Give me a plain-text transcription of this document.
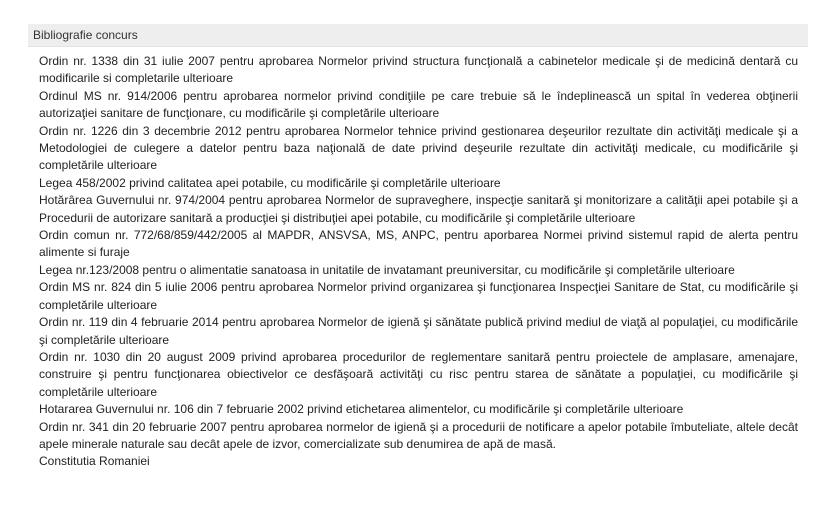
Bibliografie concurs
Ordin nr. 1338 din 31 iulie 2007 pentru aprobarea Normelor privind structura funcţională a cabinetelor medicale şi de medicină dentară cu modificarile si completarile ulterioare
Ordinul MS nr. 914/2006 pentru aprobarea normelor privind condiţiile pe care trebuie să le îndeplinească un spital în vederea obţinerii autorizaţiei sanitare de funcţionare, cu modificările şi completările ulterioare
Ordin nr. 1226 din 3 decembrie 2012 pentru aprobarea Normelor tehnice privind gestionarea deşeurilor rezultate din activităţi medicale şi a Metodologiei de culegere a datelor pentru baza naţională de date privind deşeurile rezultate din activităţi medicale, cu modificările şi completările ulterioare
Legea 458/2002 privind calitatea apei potabile, cu modificările şi completările ulterioare
Hotărârea Guvernului nr. 974/2004 pentru aprobarea Normelor de supraveghere, inspecţie sanitară şi monitorizare a calităţii apei potabile şi a Procedurii de autorizare sanitară a producţiei şi distribuţiei apei potabile, cu modificările şi completările ulterioare
Ordin comun nr. 772/68/859/442/2005 al MAPDR, ANSVSA, MS, ANPC, pentru aporbarea Normei privind sistemul rapid de alerta pentru alimente si furaje
Legea nr.123/2008 pentru o alimentatie sanatoasa in unitatile de invatamant preuniversitar, cu modificările şi completările ulterioare
Ordin MS nr. 824 din 5 iulie 2006 pentru aprobarea Normelor privind organizarea şi funcţionarea Inspecţiei Sanitare de Stat, cu modificările şi completările ulterioare
Ordin nr. 119 din 4 februarie 2014 pentru aprobarea Normelor de igienă şi sănătate publică privind mediul de viaţă al populaţiei, cu modificările şi completările ulterioare
Ordin nr. 1030 din 20 august 2009 privind aprobarea procedurilor de reglementare sanitară pentru proiectele de amplasare, amenajare, construire şi pentru funcţionarea obiectivelor ce desfăşoară activităţi cu risc pentru starea de sănătate a populaţiei, cu modificările şi completările ulterioare
Hotararea Guvernului nr. 106 din 7 februarie 2002 privind etichetarea alimentelor, cu modificările şi completările ulterioare
Ordin nr. 341 din 20 februarie 2007 pentru aprobarea normelor de igienă şi a procedurii de notificare a apelor potabile îmbuteliate, altele decât apele minerale naturale sau decât apele de izvor, comercializate sub denumirea de apă de masă.
Constitutia Romaniei
